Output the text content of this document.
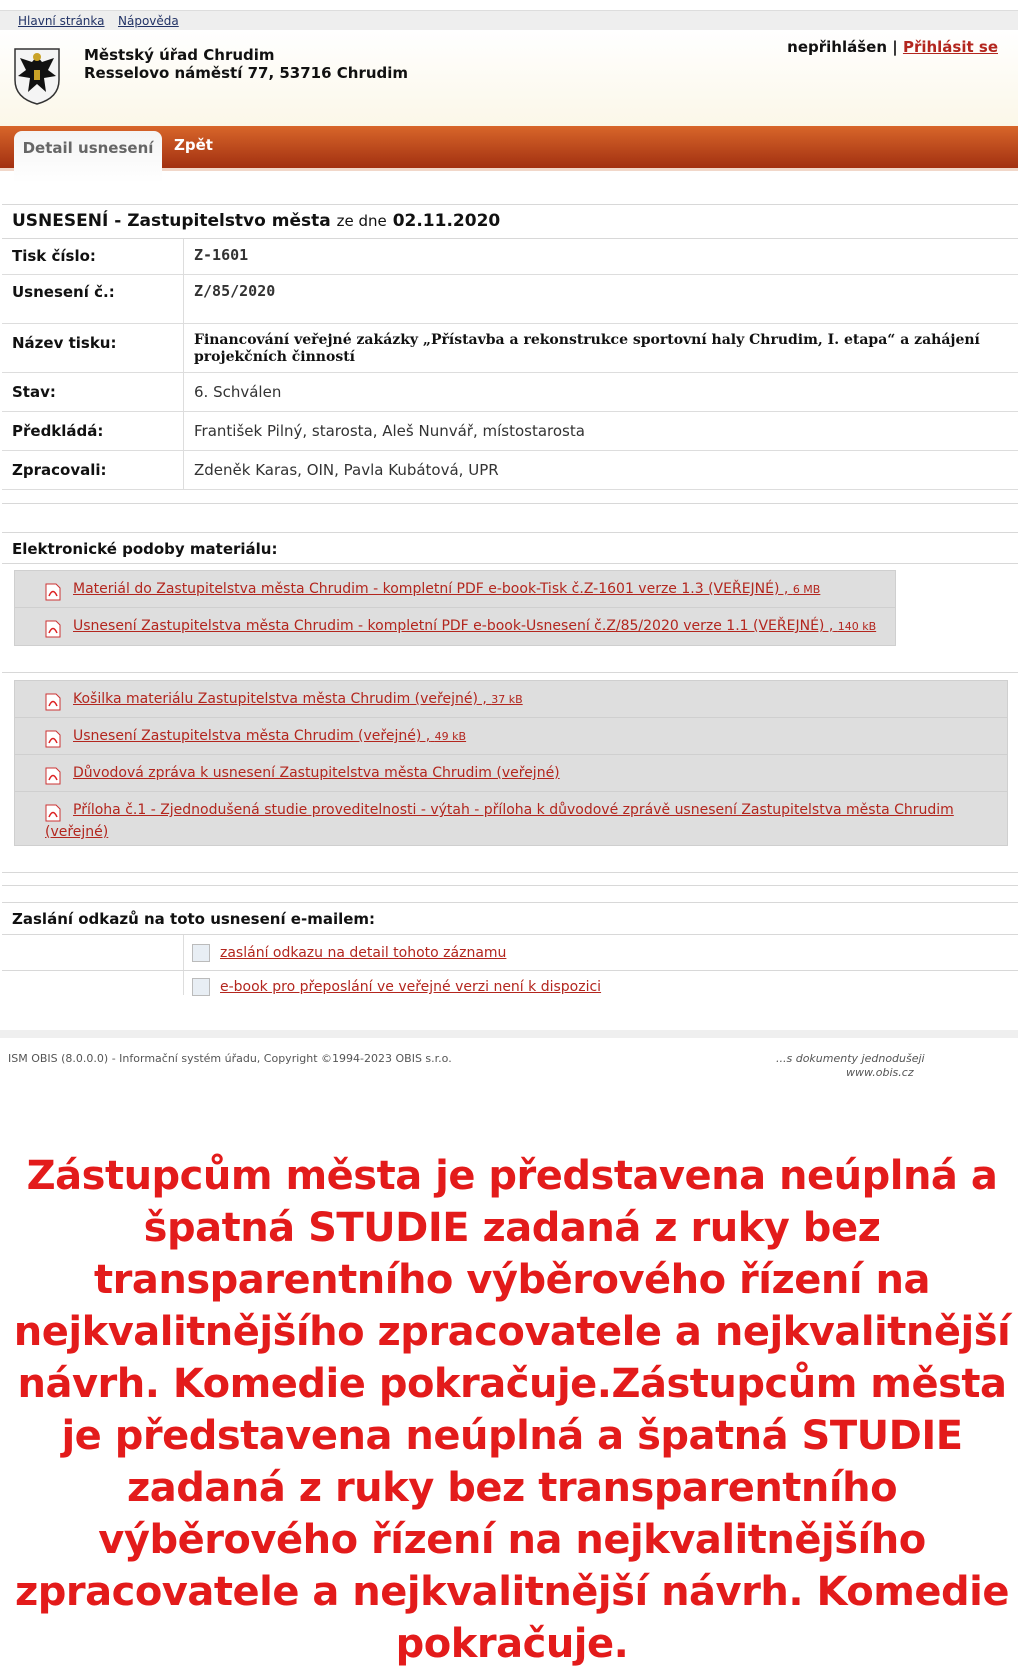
Hlavní stránka Nápověda
Městský úřad Chrudim
Resselovo náměstí 77, 53716 Chrudim
nepřihlášen | Přihlásit se
Detail usnesení	Zpět
USNESENÍ - Zastupitelstvo města ze dne 02.11.2020
Tisk číslo:	Z-1601
Usnesení č.:	Z/85/2020
Název tisku:	Financování veřejné zakázky „Přístavba a rekonstrukce sportovní haly Chrudim, I. etapa“ a zahájení projekčních činností
Stav:	6. Schválen
Předkládá:	František Pilný, starosta, Aleš Nunvář, místostarosta
Zpracovali:	Zdeněk Karas, OIN, Pavla Kubátová, UPR
Elektronické podoby materiálu:
Materiál do Zastupitelstva města Chrudim - kompletní PDF e-book-Tisk č.Z-1601 verze 1.3 (VEŘEJNÉ) , 6 MB
Usnesení Zastupitelstva města Chrudim - kompletní PDF e-book-Usnesení č.Z/85/2020 verze 1.1 (VEŘEJNÉ) , 140 kB
Košilka materiálu Zastupitelstva města Chrudim (veřejné) , 37 kB
Usnesení Zastupitelstva města Chrudim (veřejné) , 49 kB
Důvodová zpráva k usnesení Zastupitelstva města Chrudim (veřejné)
Příloha č.1 - Zjednodušená studie proveditelnosti - výtah - příloha k důvodové zprávě usnesení Zastupitelstva města Chrudim (veřejné)
Zaslání odkazů na toto usnesení e-mailem:
zaslání odkazu na detail tohoto záznamu
e-book pro přeposlání ve veřejné verzi není k dispozici
ISM OBIS (8.0.0.0) - Informační systém úřadu, Copyright ©1994-2023 OBIS s.r.o.	...s dokumenty jednodušeji
www.obis.cz
Zástupcům města je představena neúplná a špatná STUDIE zadaná z ruky bez transparentního výběrového řízení na nejkvalitnějšího zpracovatele a nejkvalitnější návrh. Komedie pokračuje.Zástupcům města je představena neúplná a špatná STUDIE zadaná z ruky bez transparentního výběrového řízení na nejkvalitnějšího zpracovatele a nejkvalitnější návrh. Komedie pokračuje.
